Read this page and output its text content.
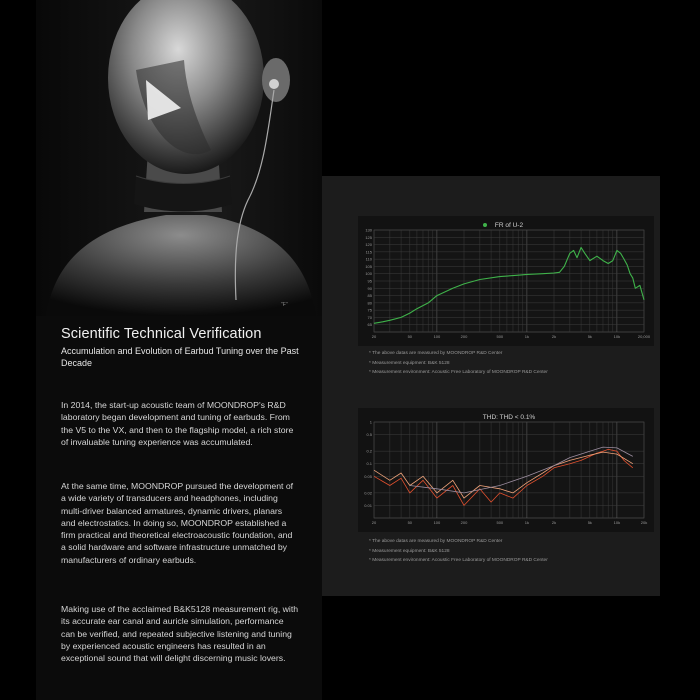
"F"
Scientific Technical Verification

Accumulation and Evolution of Earbud Tuning over the Past Decade

In 2014, the start-up acoustic team of MOONDROP's R&D laboratory began development and tuning of earbuds. From the V5 to the VX, and then to the flagship model, a rich store of invaluable tuning experience was accumulated.

At the same time, MOONDROP pursued the development of a wide variety of transducers and headphones, including multi-driver balanced armatures, dynamic drivers, planars and electrostatics. In doing so, MOONDROP established a firm practical and theoretical electroacoustic foundation, and a solid hardware and software infrastructure unmatched by manufacturers of ordinary earbuds.

Making use of the acclaimed B&K5128 measurement rig, with its accurate ear canal and auricle simulation, performance can be verified, and repeated subjective listening and tuning by experienced acoustic engineers has resulted in an exceptional sound that will delight discerning music lovers.

130
125
120
115
110
105
100
95
90
85
80
75
70
65
20	50	100	200	500	1k	2k	5k	10k	20,000
FR of U-2
* The above datas are measured by MOONDROP R&D Center
* Measurement equipment: B&K 5128
* Measurement environment: Acoustic Free Laboratory of MOONDROP R&D Center
1
0.5
0.2
0.1
0.05
0.02
0.01
20	50	100	200	500	1k	2k	5k	10k	20k
THD: THD < 0.1%
* The above datas are measured by MOONDROP R&D Center
* Measurement equipment: B&K 5128
* Measurement environment: Acoustic Free Laboratory of MOONDROP R&D Center
